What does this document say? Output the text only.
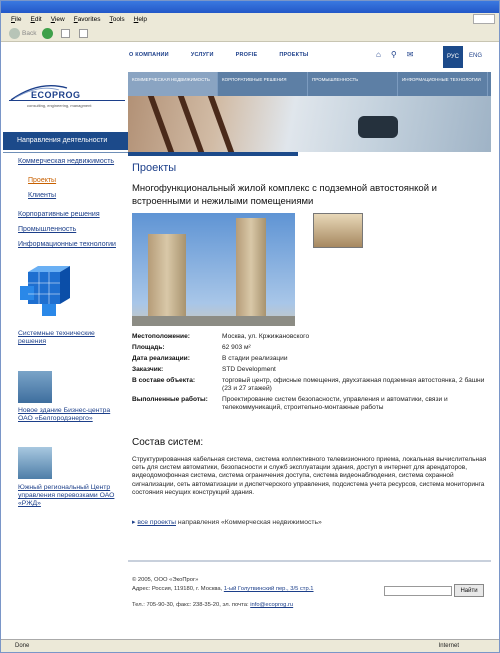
File Edit View Favorites Tools Help
Back
О КОМПАНИИ	УСЛУГИ	PROFIE	ПРОЕКТЫ	⌂ ⚲ ✉	РУС	ENG
ECOPROG
consulting, engineering, managment
КОММЕРЧЕСКАЯ НЕДВИЖИМОСТЬ	КОРПОРАТИВНЫЕ РЕШЕНИЯ	ПРОМЫШЛЕННОСТЬ	ИНФОРМАЦИОННЫЕ ТЕХНОЛОГИИ
Направления деятельности
Коммерческая недвижимость
Проекты
Клиенты
Корпоративные решения
Промышленность
Информационные технологии
Системные технические решения
Новое здание Бизнес-центра ОАО «Белгородэнерго»
Южный региональный Центр управления перевозками ОАО «РЖД»
Проекты
Многофункциональный жилой комплекс с подземной автостоянкой и встроенными и нежилыми помещениями
Местоположение:	Москва, ул. Кржижановского
Площадь:	62 903 м²
Дата реализации:	В стадии реализации
Заказчик:	STD Development
В составе объекта:	торговый центр, офисные помещения, двухэтажная подземная автостоянка, 2 башни (23 и 27 этажей)
Выполненные работы:	Проектирование систем безопасности, управления и автоматики, связи и телекоммуникаций, строительно-монтажные работы
Состав систем:
Структурированная кабельная система, система коллективного телевизионного приема, локальная вычислительная сеть для систем автоматики, безопасности и служб эксплуатации здания, доступ в интернет для арендаторов, видеодомофонная система, система ограничения доступа, система видеонаблюдения, система охранной сигнализации, сеть автоматизации и диспетчерского управления, подсистема учета ресурсов, система мониторинга состояния несущих конструкций здания.
▸ все проекты направления «Коммерческая недвижимость»
© 2005, ООО «ЭкоПрог»
Адрес: Россия, 119180, г. Москва, 1-ый Голутвинский пер., 3/5 стр.1
Тел.: 705-90-30, факс: 238-35-20, эл. почта: info@ecoprog.ru
Найти
Done	Internet
